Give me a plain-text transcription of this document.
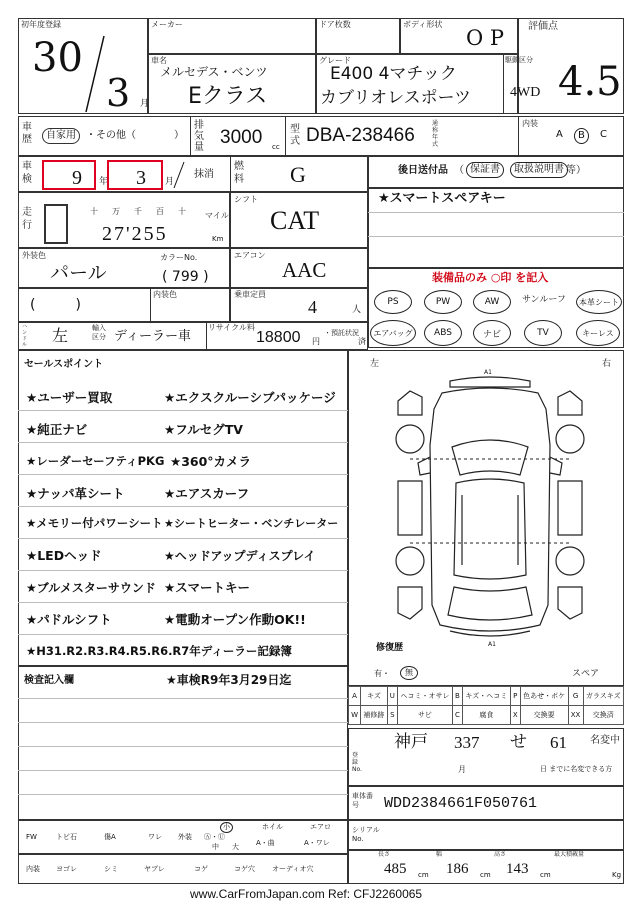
初年度登録
30
3 月
メーカー	ドア枚数	ボディ形状
O P 評価点
4.5
車名
メルセデス・ベンツ
Eクラス
グレード
E400 4マチック
カブリオレスポーツ
駆動区分
4WD
車歴	自家用	・その他（	）
排気量 3000 cc
型式 DBA-238466
通称年式
内装
A	B	C
車検 9 年 3 月
抹消
燃料 G	後日送付品 （ 保証書	取扱説明書 等）
走行
十 万 千 百 十 マイル
27'255	Km
シフト
CAT
★スマートスペアキー
外装色
パール
カラーNo.
( 799 )
エアコン
AAC	装備品のみ ○印 を記入
PS	PW	AW	サンルーフ	本革シート
エアバッグ	ABS	ナビ	TV	キーレス
(         )
内装色	乗車定員
4	人
ハンドル 左	輸入区分 ディーラー車
リサイクル料
18800 円
・預託状況
済
セールスポイント
★ユーザー買取	★エクスクルーシブパッケージ
★純正ナビ	★フルセグTV
★レーダーセーフティPKG ★360°カメラ
★ナッパ革シート	★エアスカーフ
★メモリー付パワーシート ★シートヒーター・ベンチレーター
★LEDヘッド	★ヘッドアップディスプレイ
★ブルメスターサウンド ★スマートキー
★パドルシフト	★電動オープン作動OK!!
★H31.R2.R3.R4.R5.R6.R7年ディーラー記録簿
検査記入欄	★車検R9年3月29日迄
左	右
A1
A1
修復歴
有・	無	スペア
A	キズ	U	ヘコミ・オサレ	B	キズ・ヘコミ	P	色あせ・ボケ	G	ガラスキズ
W	補修跡	S	サビ	C	腐食	X	交換要	XX	交換済
登録No.
神戸 337 せ 61 名変中
月	日 までに名変できる方
車体番号	WDD2384661F050761
シリアルNo.
FW	トビ石	傷A	ワレ 外装
小
中 大
Ⓐ・Ⓤ
ホイル
A・曲
エアロ
A・ワレ
内装 ヨゴレ	シミ	ヤブレ	コゲ	コゲ穴 オーディオ穴
長さ
485 cm
幅
186 cm
高さ
143 cm
最大積載量
Kg
www.CarFromJapan.com Ref: CFJ2260065
